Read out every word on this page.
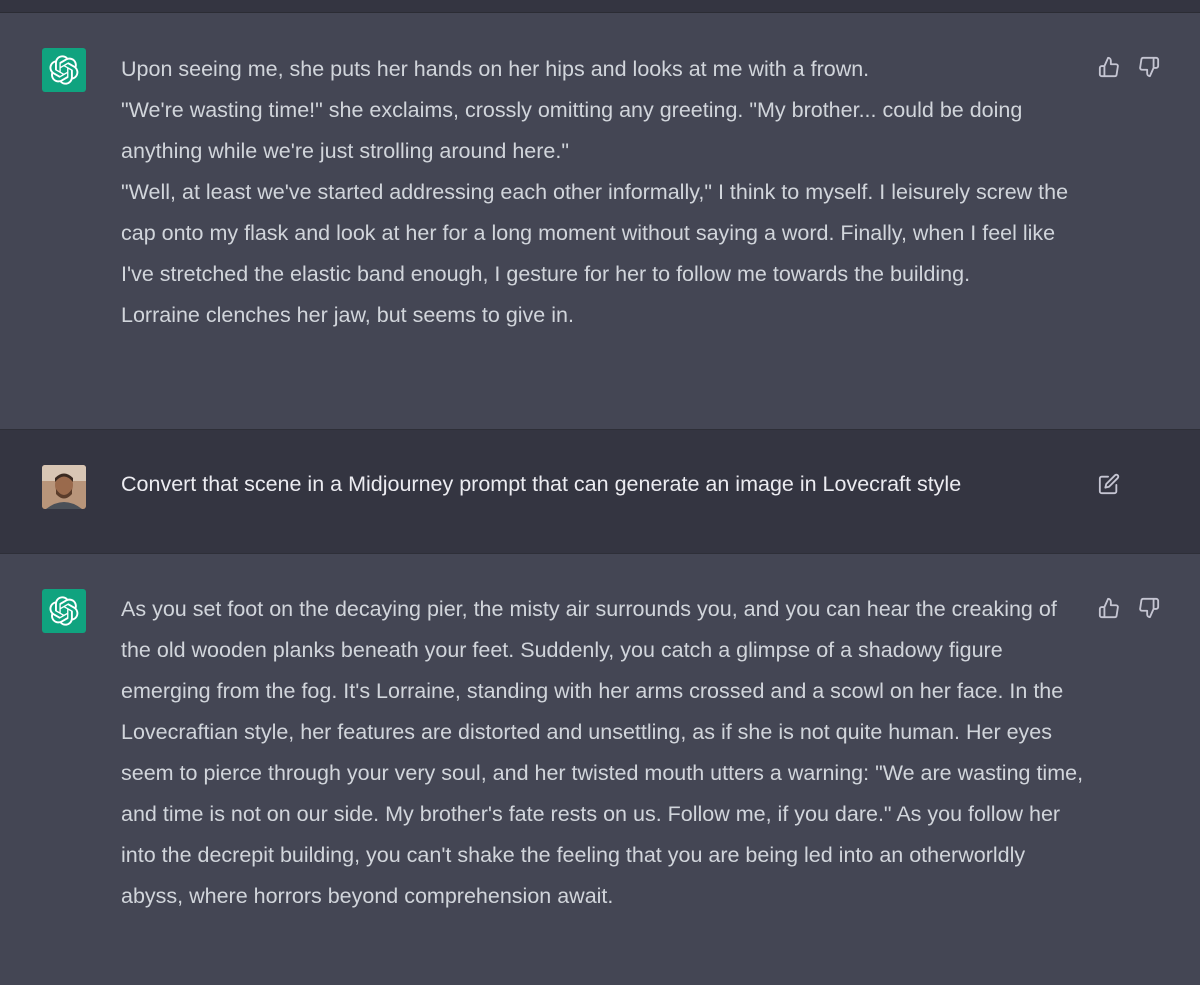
Upon seeing me, she puts her hands on her hips and looks at me with a frown.

"We're wasting time!" she exclaims, crossly omitting any greeting. "My brother... could be doing anything while we're just strolling around here."

"Well, at least we've started addressing each other informally," I think to myself. I leisurely screw the cap onto my flask and look at her for a long moment without saying a word. Finally, when I feel like I've stretched the elastic band enough, I gesture for her to follow me towards the building.

Lorraine clenches her jaw, but seems to give in.

Convert that scene in a Midjourney prompt that can generate an image in Lovecraft style

As you set foot on the decaying pier, the misty air surrounds you, and you can hear the creaking of the old wooden planks beneath your feet. Suddenly, you catch a glimpse of a shadowy figure emerging from the fog. It's Lorraine, standing with her arms crossed and a scowl on her face. In the Lovecraftian style, her features are distorted and unsettling, as if she is not quite human. Her eyes seem to pierce through your very soul, and her twisted mouth utters a warning: "We are wasting time, and time is not on our side. My brother's fate rests on us. Follow me, if you dare." As you follow her into the decrepit building, you can't shake the feeling that you are being led into an otherworldly abyss, where horrors beyond comprehension await.
